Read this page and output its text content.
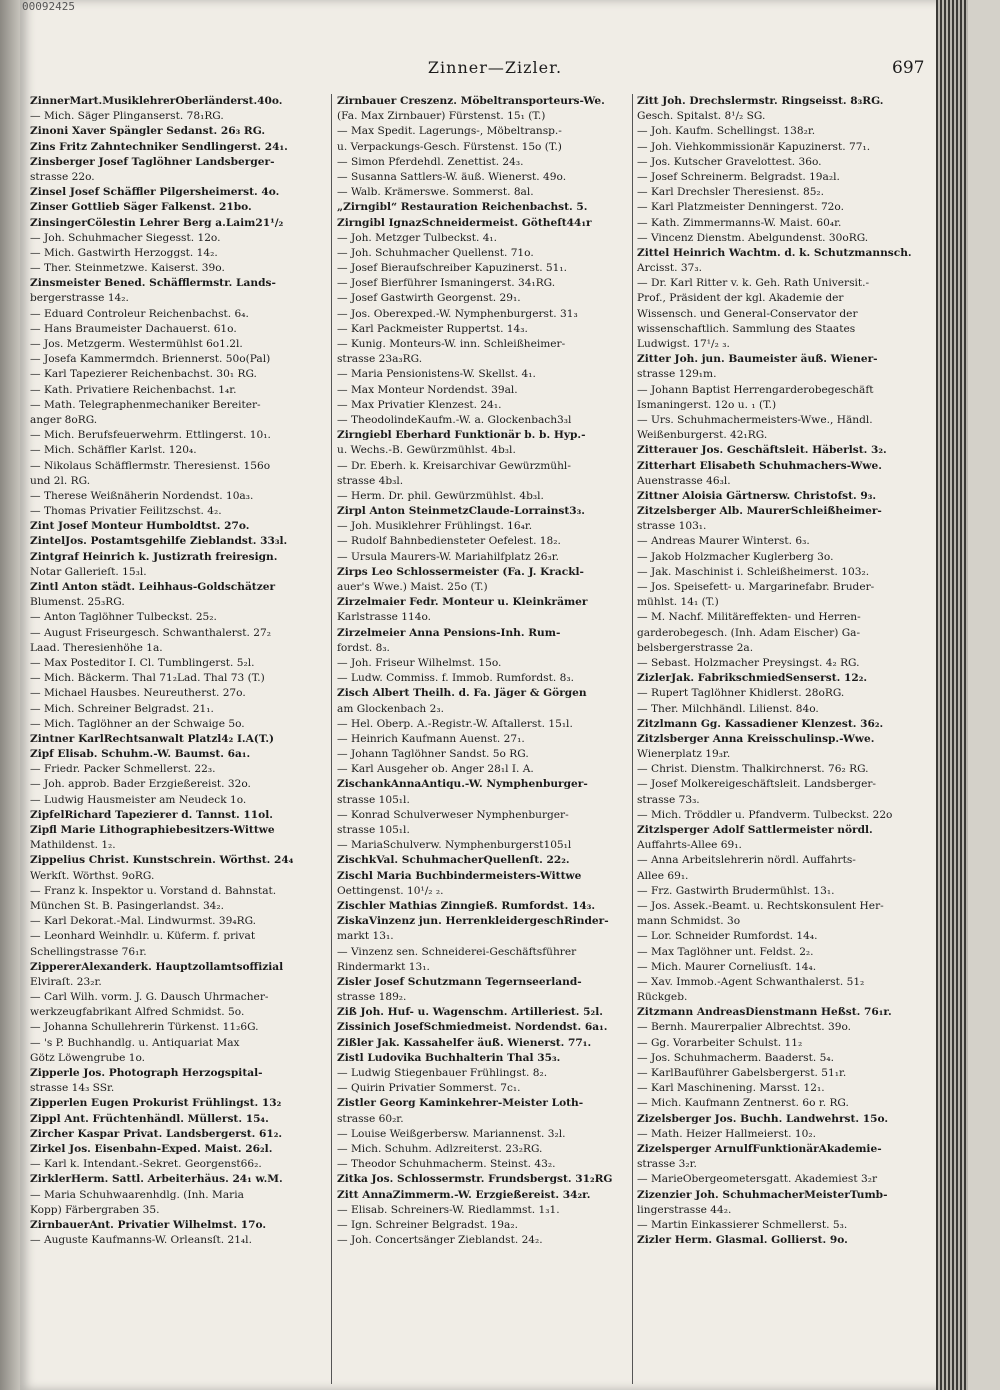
00092425
Zinner—Zizler.	697
ZinnerMart.MusiklehrerOberländerst.40o.
— Mich. Säger Plinganserst. 78₁RG.
Zinoni Xaver Spängler Sedanst. 26₃ RG.
Zins Fritz Zahntechniker Sendlingerst. 24₁.
Zinsberger Josef Taglöhner Landsberger-
strasse 22o.
Zinsel Josef Schäffler Pilgersheimerst. 4o.
Zinser Gottlieb Säger Falkenst. 21bo.
ZinsingerCölestin Lehrer Berg a.Laim21¹/₂
— Joh. Schuhmacher Siegesst. 12o.
— Mich. Gastwirth Herzoggst. 14₂.
— Ther. Steinmetzwe. Kaiserst. 39o.
Zinsmeister Bened. Schäfflermstr. Lands-
bergerstrasse 14₂.
— Eduard Controleur Reichenbachst. 6₄.
— Hans Braumeister Dachauerst. 61o.
— Jos. Metzgerm. Westermühlst 6o1.2l.
— Josefa Kammermdch. Briennerst. 50o(Pal)
— Karl Tapezierer Reichenbachst. 30₁ RG.
— Kath. Privatiere Reichenbachst. 1₄r.
— Math. Telegraphenmechaniker Bereiter-
anger 8oRG.
— Mich. Berufsfeuerwehrm. Ettlingerst. 10₁.
— Mich. Schäffler Karlst. 120₄.
— Nikolaus Schäfflermstr. Theresienst. 156o
und 2l. RG.
— Therese Weißnäherin Nordendst. 10a₃.
— Thomas Privatier Feilitzschst. 4₂.
Zint Josef Monteur Humboldtst. 27o.
ZintelJos. Postamtsgehilfe Zieblandst. 33₃l.
Zintgraf Heinrich k. Justizrath freiresign.
Notar Gallerieſt. 15₃l.
Zintl Anton städt. Leihhaus-Goldschätzer
Blumenst. 25₃RG.
— Anton Taglöhner Tulbeckst. 25₂.
— August Friseurgesch. Schwanthalerst. 27₂
Laad. Theresienhöhe 1a.
— Max Posteditor I. Cl. Tumblingerst. 5₂l.
— Mich. Bäckerm. Thal 71₂Lad. Thal 73 (T.)
— Michael Hausbes. Neureutherst. 27o.
— Mich. Schreiner Belgradst. 21₁.
— Mich. Taglöhner an der Schwaige 5o.
Zintner KarlRechtsanwalt Platzl4₂ I.A(T.)
Zipf Elisab. Schuhm.-W. Baumst. 6a₁.
— Friedr. Packer Schmellerst. 22₃.
— Joh. approb. Bader Erzgießereist. 32o.
— Ludwig Hausmeister am Neudeck 1o.
ZipfelRichard Tapezierer d. Tannst. 11ol.
Zipfl Marie Lithographiebesitzers-Wittwe
Mathildenst. 1₂.
Zippelius Christ. Kunstschrein. Wörthst. 24₄
Werkſt. Wörthst. 9oRG.
— Franz k. Inspektor u. Vorstand d. Bahnstat.
München St. B. Pasingerlandst. 34₂.
— Karl Dekorat.-Mal. Lindwurmst. 39₄RG.
— Leonhard Weinhdlr. u. Küferm. f. privat
Schellingstrasse 76₁r.
ZippererAlexanderk. Hauptzollamtsoffizial
Elviraſt. 23₂r.
— Carl Wilh. vorm. J. G. Dausch Uhrmacher-
werkzeugfabrikant Alfred Schmidst. 5o.
— Johanna Schullehrerin Türkenst. 11₂6G.
— 's P. Buchhandlg. u. Antiquariat Max
Götz Löwengrube 1o.
Zipperle Jos. Photograph Herzogspital-
strasse 14₃ SSr.
Zipperlen Eugen Prokurist Frühlingst. 13₂
Zippl Ant. Früchtenhändl. Müllerst. 15₄.
Zircher Kaspar Privat. Landsbergerst. 61₂.
Zirkel Jos. Eisenbahn-Exped. Maist. 26₂l.
— Karl k. Intendant.-Sekret. Georgenst66₂.
ZirklerHerm. Sattl. Arbeiterhäus. 24₁ w.M.
— Maria Schuhwaarenhdlg. (Inh. Maria
Kopp) Färbergraben 35.
ZirnbauerAnt. Privatier Wilhelmst. 17o.
— Auguste Kaufmanns-W. Orleansſt. 21₄l.
Zirnbauer Creszenz. Möbeltransporteurs-We.
(Fa. Max Zirnbauer) Fürstenst. 15₁ (T.)
— Max Spedit. Lagerungs-, Möbeltransp.-
u. Verpackungs-Gesch. Fürstenst. 15o (T.)
— Simon Pferdehdl. Zenettist. 24₃.
— Susanna Sattlers-W. äuß. Wienerst. 49o.
— Walb. Krämerswe. Sommerst. 8al.
„Zirngibl“ Restauration Reichenbachst. 5.
Zirngibl IgnazSchneidermeist. Götheſt44₁r
— Joh. Metzger Tulbeckst. 4₁.
— Joh. Schuhmacher Quellenst. 71o.
— Josef Bieraufschreiber Kapuzinerst. 51₁.
— Josef Bierführer Ismaningerst. 34₁RG.
— Josef Gastwirth Georgenst. 29₁.
— Jos. Oberexped.-W. Nymphenburgerst. 31₃
— Karl Packmeister Ruppertst. 14₃.
— Kunig. Monteurs-W. inn. Schleißheimer-
strasse 23a₃RG.
— Maria Pensionistens-W. Skellst. 4₁.
— Max Monteur Nordendst. 39al.
— Max Privatier Klenzest. 24₁.
— TheodolindeKaufm.-W. a. Glockenbach3₃l
Zirngiebl Eberhard Funktionär b. b. Hyp.-
u. Wechs.-B. Gewürzmühlst. 4b₃l.
— Dr. Eberh. k. Kreisarchivar Gewürzmühl-
strasse 4b₃l.
— Herm. Dr. phil. Gewürzmühlst. 4b₃l.
Zirpl Anton SteinmetzClaude-Lorrainst3₃.
— Joh. Musiklehrer Frühlingst. 16₄r.
— Rudolf Bahnbediensteter Oefelest. 18₂.
— Ursula Maurers-W. Mariahilfplatz 26₃r.
Zirps Leo Schlossermeister (Fa. J. Krackl-
auer's Wwe.) Maist. 25o (T.)
Zirzelmaier Fedr. Monteur u. Kleinkrämer
Karlstrasse 114o.
Zirzelmeier Anna Pensions-Inh. Rum-
fordst. 8₃.
— Joh. Friseur Wilhelmst. 15o.
— Ludw. Commiss. f. Immob. Rumfordst. 8₃.
Zisch Albert Theilh. d. Fa. Jäger & Görgen
am Glockenbach 2₃.
— Hel. Oberp. A.-Registr.-W. Aſtallerst. 15₁l.
— Heinrich Kaufmann Auenst. 27₁.
— Johann Taglöhner Sandst. 5o RG.
— Karl Ausgeher ob. Anger 28₁l I. A.
ZischankAnnaAntiqu.-W. Nymphenburger-
strasse 105₁l.
— Konrad Schulverweser Nymphenburger-
strasse 105₁l.
— MariaSchulverw. Nymphenburgerst105₁l
ZischkVal. SchuhmacherQuellenſt. 22₂.
Zischl Maria Buchbindermeisters-Wittwe
Oettingenst. 10¹/₂ ₂.
Zischler Mathias Zinngieß. Rumfordst. 14₃.
ZiskaVinzenz jun. HerrenkleidergeschRinder-
markt 13₁.
— Vinzenz sen. Schneiderei-Geschäftsführer
Rindermarkt 13₁.
Zisler Josef Schutzmann Tegernseerland-
strasse 189₂.
Ziß Joh. Huf- u. Wagenschm. Artilleriest. 5₂l.
Zissinich JosefSchmiedmeist. Nordendst. 6a₁.
Zißler Jak. Kassahelfer äuß. Wienerst. 77₁.
Zistl Ludovika Buchhalterin Thal 35₃.
— Ludwig Stiegenbauer Frühlingst. 8₂.
— Quirin Privatier Sommerst. 7c₁.
Zistler Georg Kaminkehrer-Meister Loth-
strasse 60₂r.
— Louise Weißgerbersw. Mariannenst. 3₂l.
— Mich. Schuhm. Adlzreiterst. 23₂RG.
— Theodor Schuhmacherm. Steinst. 43₂.
Zitka Jos. Schlossermstr. Frundsbergst. 31₂RG
Zitt AnnaZimmerm.-W. Erzgießereist. 34₂r.
— Elisab. Schreiners-W. Riedlammst. 1₃1.
— Ign. Schreiner Belgradst. 19a₂.
— Joh. Concertsänger Zieblandst. 24₂.
Zitt Joh. Drechslermstr. Ringseisst. 8₃RG.
Gesch. Spitalst. 8¹/₂ SG.
— Joh. Kaufm. Schellingst. 138₂r.
— Joh. Viehkommissionär Kapuzinerst. 77₁.
— Jos. Kutscher Gravelottest. 36o.
— Josef Schreinerm. Belgradst. 19a₂l.
— Karl Drechsler Theresienst. 85₂.
— Karl Platzmeister Denningerst. 72o.
— Kath. Zimmermanns-W. Maist. 60₄r.
— Vincenz Dienstm. Abelgundenst. 30oRG.
Zittel Heinrich Wachtm. d. k. Schutzmannsch.
Arcisst. 37₃.
— Dr. Karl Ritter v. k. Geh. Rath Universit.-
Prof., Präsident der kgl. Akademie der
Wissensch. und General-Conservator der
wissenschaftlich. Sammlung des Staates
Ludwigst. 17¹/₂ ₃.
Zitter Joh. jun. Baumeister äuß. Wiener-
strasse 129₁m.
— Johann Baptist Herrengarderobegeschäft
Ismaningerst. 12o u. ₁ (T.)
— Urs. Schuhmachermeisters-Wwe., Händl.
Weißenburgerst. 42₁RG.
Zitterauer Jos. Geschäftsleit. Häberlst. 3₂.
Zitterhart Elisabeth Schuhmachers-Wwe.
Auenstrasse 46₃l.
Zittner Aloisia Gärtnersw. Christofst. 9₃.
Zitzelsberger Alb. MaurerSchleißheimer-
strasse 103₁.
— Andreas Maurer Winterst. 6₃.
— Jakob Holzmacher Kuglerberg 3o.
— Jak. Maschinist i. Schleißheimerst. 103₂.
— Jos. Speisefett- u. Margarinefabr. Bruder-
mühlst. 14₁ (T.)
— M. Nachf. Militäreffekten- und Herren-
garderobegesch. (Inh. Adam Eischer) Ga-
belsbergerstrasse 2a.
— Sebast. Holzmacher Preysingst. 4₂ RG.
ZizlerJak. FabrikschmiedSenserst. 12₂.
— Rupert Taglöhner Khidlerst. 28oRG.
— Ther. Milchhändl. Lilienst. 84o.
Zitzlmann Gg. Kassadiener Klenzest. 36₂.
Zitzlsberger Anna Kreisschulinsp.-Wwe.
Wienerplatz 19₃r.
— Christ. Dienstm. Thalkirchnerst. 76₂ RG.
— Josef Molkereigeschäftsleit. Landsberger-
strasse 73₃.
— Mich. Tröddler u. Pfandverm. Tulbeckst. 22o
Zitzlsperger Adolf Sattlermeister nördl.
Auffahrts-Allee 69₁.
— Anna Arbeitslehrerin nördl. Auffahrts-
Allee 69₁.
— Frz. Gastwirth Brudermühlst. 13₁.
— Jos. Assek.-Beamt. u. Rechtskonsulent Her-
mann Schmidst. 3o
— Lor. Schneider Rumfordst. 14₄.
— Max Taglöhner unt. Feldst. 2₂.
— Mich. Maurer Corneliusſt. 14₄.
— Xav. Immob.-Agent Schwanthalerst. 51₂
Rückgeb.
Zitzmann AndreasDienstmann Heßst. 76₁r.
— Bernh. Maurerpalier Albrechtst. 39o.
— Gg. Vorarbeiter Schulst. 11₂
— Jos. Schuhmacherm. Baaderst. 5₄.
— KarlBauführer Gabelsbergerst. 51₁r.
— Karl Maschinening. Marsst. 12₁.
— Mich. Kaufmann Zentnerst. 6o r. RG.
Zizelsberger Jos. Buchh. Landwehrst. 15o.
— Math. Heizer Hallmeierst. 10₂.
Zizelsperger ArnulfFunktionärAkademie-
strasse 3₂r.
— MarieObergeometersgatt. Akademiest 3₂r
Zizenzier Joh. SchuhmacherMeisterTumb-
lingerstrasse 44₂.
— Martin Einkassierer Schmellerst. 5₃.
Zizler Herm. Glasmal. Gollierst. 9o.
